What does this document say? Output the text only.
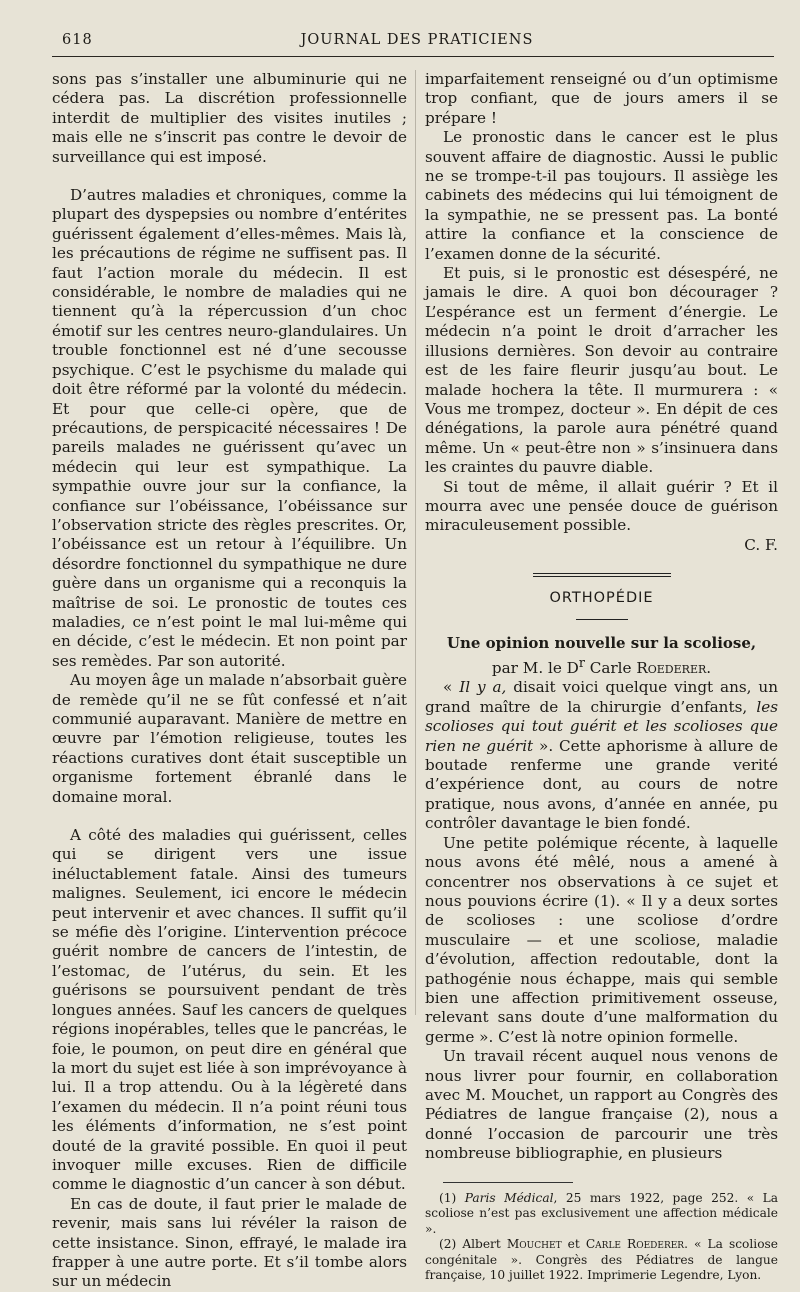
618	JOURNAL DES PRATICIENS

sons pas s’installer une albuminurie qui ne cédera pas. La discrétion professionnelle interdit de multiplier des visites inutiles ; mais elle ne s’inscrit pas contre le devoir de surveillance qui est imposé.

D’autres maladies et chroniques, comme la plupart des dyspepsies ou nombre d’entérites guérissent également d’elles-mêmes. Mais là, les précautions de régime ne suffisent pas. Il faut l’action morale du médecin. Il est considérable, le nombre de maladies qui ne tiennent qu’à la répercussion d’un choc émotif sur les centres neuro-glandulaires. Un trouble fonctionnel est né d’une secousse psychique. C’est le psychisme du malade qui doit être réformé par la volonté du médecin. Et pour que celle-ci opère, que de précautions, de perspicacité nécessaires ! De pareils malades ne guérissent qu’avec un médecin qui leur est sympathique. La sympathie ouvre jour sur la confiance, la confiance sur l’obéissance, l’obéissance sur l’observation stricte des règles prescrites. Or, l’obéissance est un retour à l’équilibre. Un désordre fonctionnel du sympathique ne dure guère dans un organisme qui a reconquis la maîtrise de soi. Le pronostic de toutes ces maladies, ce n’est point le mal lui-même qui en décide, c’est le médecin. Et non point par ses remèdes. Par son autorité.

Au moyen âge un malade n’absorbait guère de remède qu’il ne se fût confessé et n’ait communié auparavant. Manière de mettre en œuvre par l’émotion religieuse, toutes les réactions curatives dont était susceptible un organisme fortement ébranlé dans le domaine moral.

A côté des maladies qui guérissent, celles qui se dirigent vers une issue inéluctablement fatale. Ainsi des tumeurs malignes. Seulement, ici encore le médecin peut intervenir et avec chances. Il suffit qu’il se méfie dès l’origine. L’intervention précoce guérit nombre de cancers de l’intestin, de l’estomac, de l’utérus, du sein. Et les guérisons se poursuivent pendant de très longues années. Sauf les cancers de quelques régions inopérables, telles que le pancréas, le foie, le poumon, on peut dire en général que la mort du sujet est liée à son imprévoyance à lui. Il a trop attendu. Ou à la légèreté dans l’examen du médecin. Il n’a point réuni tous les éléments d’information, ne s’est point douté de la gravité possible. En quoi il peut invoquer mille excuses. Rien de difficile comme le diagnostic d’un cancer à son début.

En cas de doute, il faut prier le malade de revenir, mais sans lui révéler la raison de cette insistance. Sinon, effrayé, le malade ira frapper à une autre porte. Et s’il tombe alors sur un médecin

imparfaitement renseigné ou d’un optimisme trop confiant, que de jours amers il se prépare !

Le pronostic dans le cancer est le plus souvent affaire de diagnostic. Aussi le public ne se trompe-t-il pas toujours. Il assiège les cabinets des médecins qui lui témoignent de la sympathie, ne se pressent pas. La bonté attire la confiance et la conscience de l’examen donne de la sécurité.

Et puis, si le pronostic est désespéré, ne jamais le dire. A quoi bon décourager ? L’espérance est un ferment d’énergie. Le médecin n’a point le droit d’arracher les illusions dernières. Son devoir au contraire est de les faire fleurir jusqu’au bout. Le malade hochera la tête. Il murmurera : « Vous me trompez, docteur ». En dépit de ces dénégations, la parole aura pénétré quand même. Un « peut-être non » s’insinuera dans les craintes du pauvre diable.

Si tout de même, il allait guérir ? Et il mourra avec une pensée douce de guérison miraculeusement possible.

C. F.

ORTHOPÉDIE

Une opinion nouvelle sur la scoliose,

par M. le $D^r$ Carle Roederer.

« Il y a, disait voici quelque vingt ans, un grand maître de la chirurgie d’enfants, les scolioses qui tout guérit et les scolioses que rien ne guérit ». Cette aphorisme à allure de boutade renferme une grande verité d’expérience dont, au cours de notre pratique, nous avons, d’année en année, pu contrôler davantage le bien fondé.

Une petite polémique récente, à laquelle nous avons été mêlé, nous a amené à concentrer nos observations à ce sujet et nous pouvions écrire (1). « Il y a deux sortes de scolioses : une scoliose d’ordre musculaire — et une scoliose, maladie d’évolution, affection redoutable, dont la pathogénie nous échappe, mais qui semble bien une affection primitivement osseuse, relevant sans doute d’une malformation du germe ». C’est là notre opinion formelle.

Un travail récent auquel nous venons de nous livrer pour fournir, en collaboration avec M. Mouchet, un rapport au Congrès des Pédiatres de langue française (2), nous a donné l’occasion de parcourir une très nombreuse bibliographie, en plusieurs

(1) Paris Médical, 25 mars 1922, page 252. « La scoliose n’est pas exclusivement une affection médicale ».

(2) Albert Mouchet et Carle Roederer. « La scoliose congénitale ». Congrès des Pédiatres de langue française, 10 juillet 1922. Imprimerie Legendre, Lyon.
